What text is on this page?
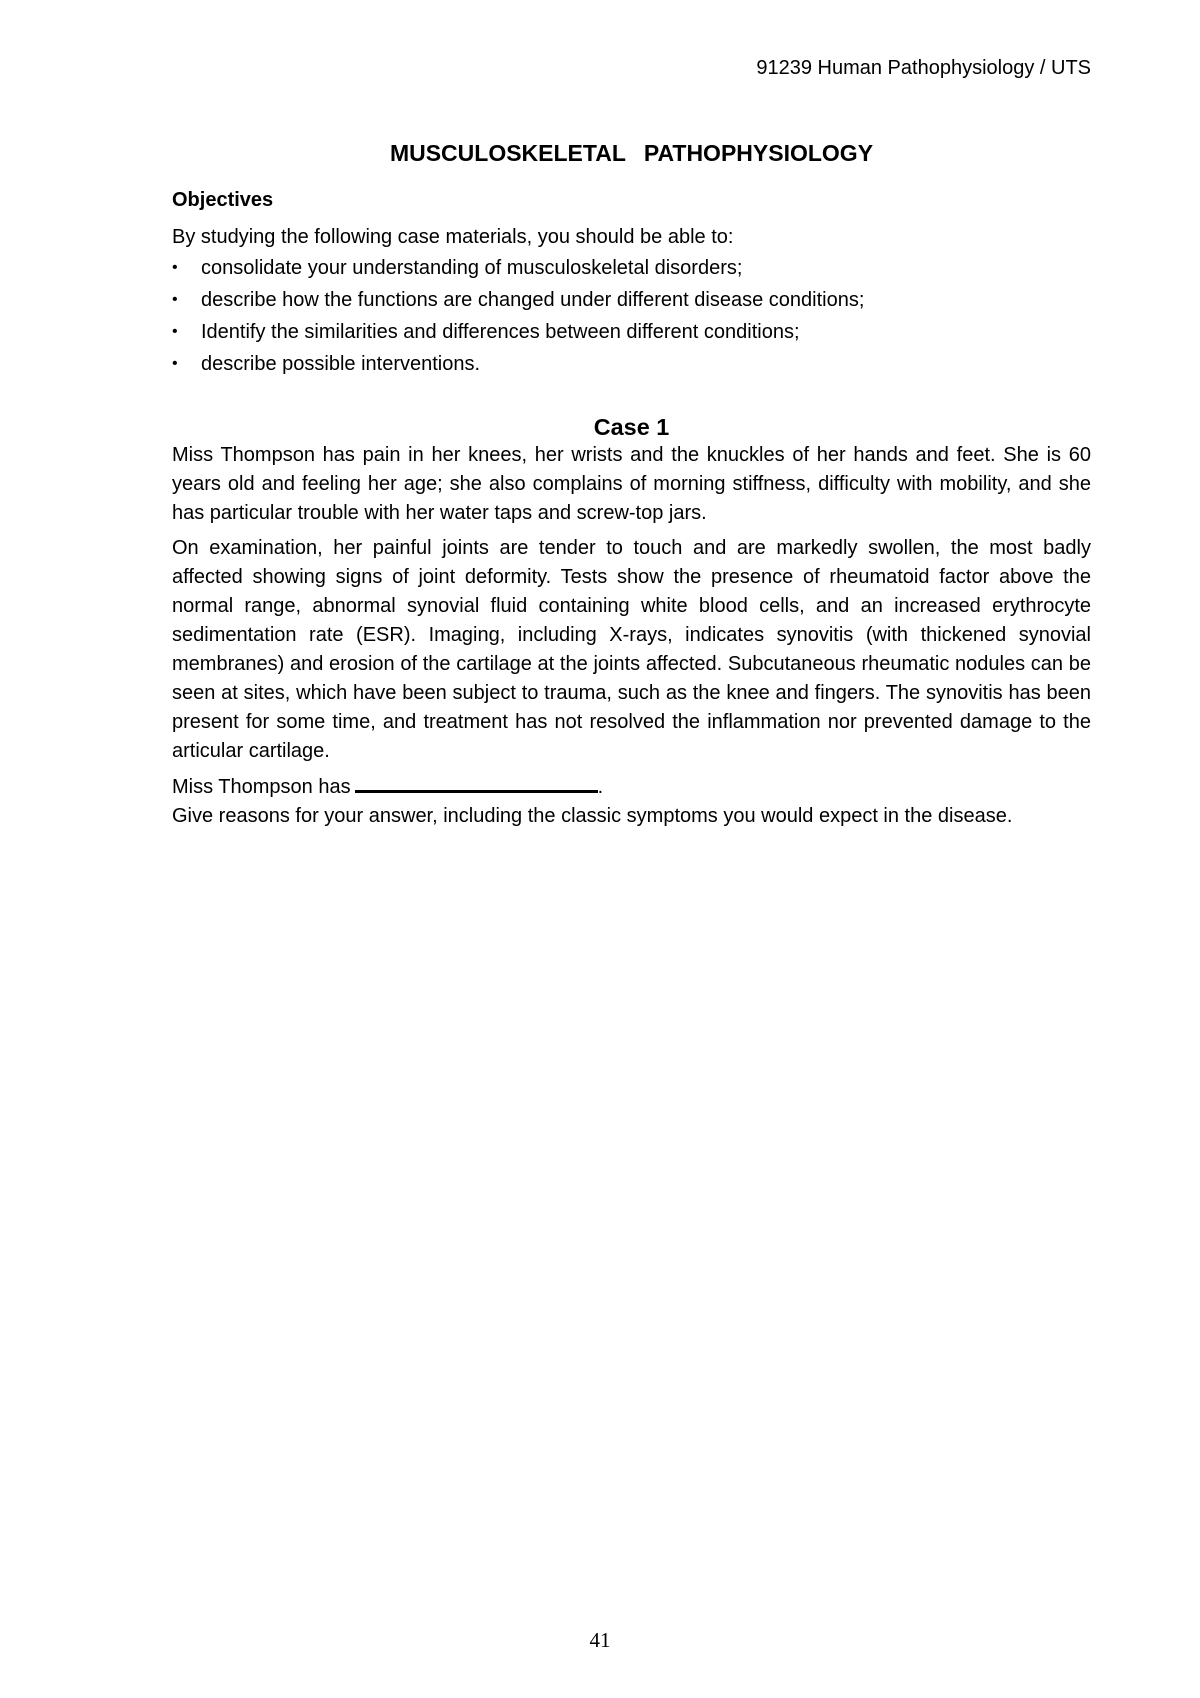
91239 Human Pathophysiology / UTS
MUSCULOSKELETAL PATHOPHYSIOLOGY
Objectives

By studying the following case materials, you should be able to:

• consolidate your understanding of musculoskeletal disorders;
• describe how the functions are changed under different disease conditions;
• Identify the similarities and differences between different conditions;
• describe possible interventions.
Case 1

Miss Thompson has pain in her knees, her wrists and the knuckles of her hands and feet. She is 60 years old and feeling her age; she also complains of morning stiffness, difficulty with mobility, and she has particular trouble with her water taps and screw-top jars.

On examination, her painful joints are tender to touch and are markedly swollen, the most badly affected showing signs of joint deformity. Tests show the presence of rheumatoid factor above the normal range, abnormal synovial fluid containing white blood cells, and an increased erythrocyte sedimentation rate (ESR). Imaging, including X-rays, indicates synovitis (with thickened synovial membranes) and erosion of the cartilage at the joints affected. Subcutaneous rheumatic nodules can be seen at sites, which have been subject to trauma, such as the knee and fingers. The synovitis has been present for some time, and treatment has not resolved the inflammation nor prevented damage to the articular cartilage.

Miss Thompson has	.

Give reasons for your answer, including the classic symptoms you would expect in the disease.

41
